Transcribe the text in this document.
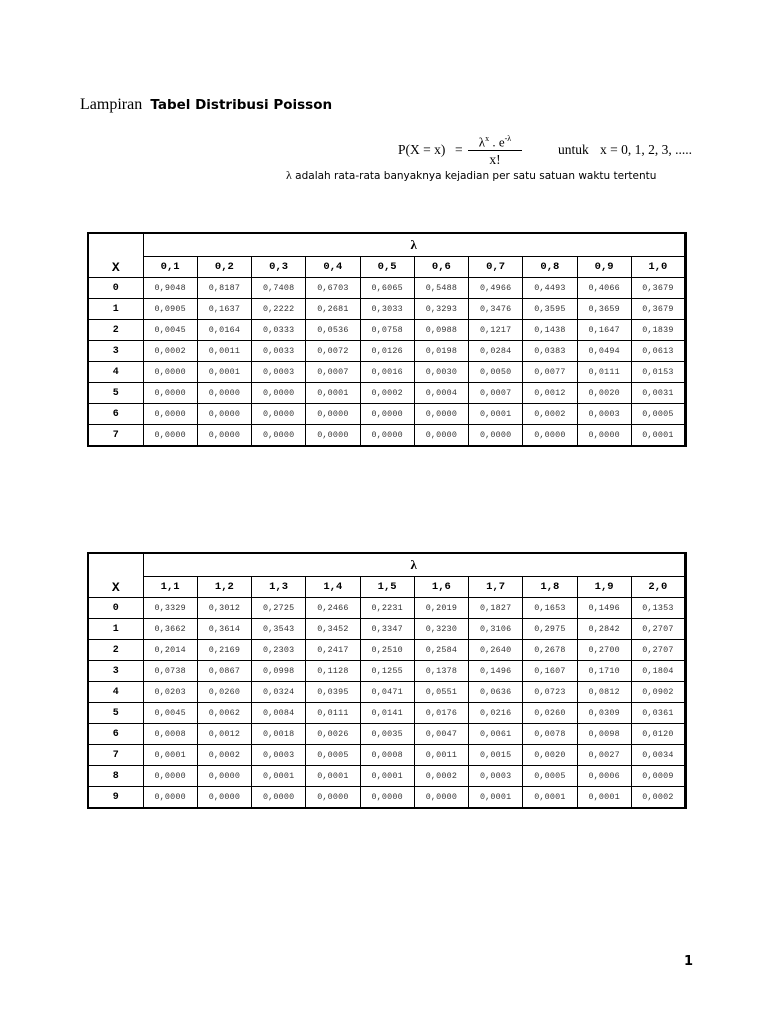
Lampiran Tabel Distribusi Poisson
P(X = x) =
$\lambda^x$ . $e^{-\lambda}$
x!
untuk x = 0, 1, 2, 3, .....
λ adalah rata-rata banyaknya kejadian per satu satuan waktu tertentu
X	λ									
	0,1	0,2	0,3	0,4	0,5	0,6	0,7	0,8	0,9	1,0
0	0,9048	0,8187	0,7408	0,6703	0,6065	0,5488	0,4966	0,4493	0,4066	0,3679
1	0,0905	0,1637	0,2222	0,2681	0,3033	0,3293	0,3476	0,3595	0,3659	0,3679
2	0,0045	0,0164	0,0333	0,0536	0,0758	0,0988	0,1217	0,1438	0,1647	0,1839
3	0,0002	0,0011	0,0033	0,0072	0,0126	0,0198	0,0284	0,0383	0,0494	0,0613
4	0,0000	0,0001	0,0003	0,0007	0,0016	0,0030	0,0050	0,0077	0,0111	0,0153
5	0,0000	0,0000	0,0000	0,0001	0,0002	0,0004	0,0007	0,0012	0,0020	0,0031
6	0,0000	0,0000	0,0000	0,0000	0,0000	0,0000	0,0001	0,0002	0,0003	0,0005
7	0,0000	0,0000	0,0000	0,0000	0,0000	0,0000	0,0000	0,0000	0,0000	0,0001
X	λ									
	1,1	1,2	1,3	1,4	1,5	1,6	1,7	1,8	1,9	2,0
0	0,3329	0,3012	0,2725	0,2466	0,2231	0,2019	0,1827	0,1653	0,1496	0,1353
1	0,3662	0,3614	0,3543	0,3452	0,3347	0,3230	0,3106	0,2975	0,2842	0,2707
2	0,2014	0,2169	0,2303	0,2417	0,2510	0,2584	0,2640	0,2678	0,2700	0,2707
3	0,0738	0,0867	0,0998	0,1128	0,1255	0,1378	0,1496	0,1607	0,1710	0,1804
4	0,0203	0,0260	0,0324	0,0395	0,0471	0,0551	0,0636	0,0723	0,0812	0,0902
5	0,0045	0,0062	0,0084	0,0111	0,0141	0,0176	0,0216	0,0260	0,0309	0,0361
6	0,0008	0,0012	0,0018	0,0026	0,0035	0,0047	0,0061	0,0078	0,0098	0,0120
7	0,0001	0,0002	0,0003	0,0005	0,0008	0,0011	0,0015	0,0020	0,0027	0,0034
8	0,0000	0,0000	0,0001	0,0001	0,0001	0,0002	0,0003	0,0005	0,0006	0,0009
9	0,0000	0,0000	0,0000	0,0000	0,0000	0,0000	0,0001	0,0001	0,0001	0,0002
1
